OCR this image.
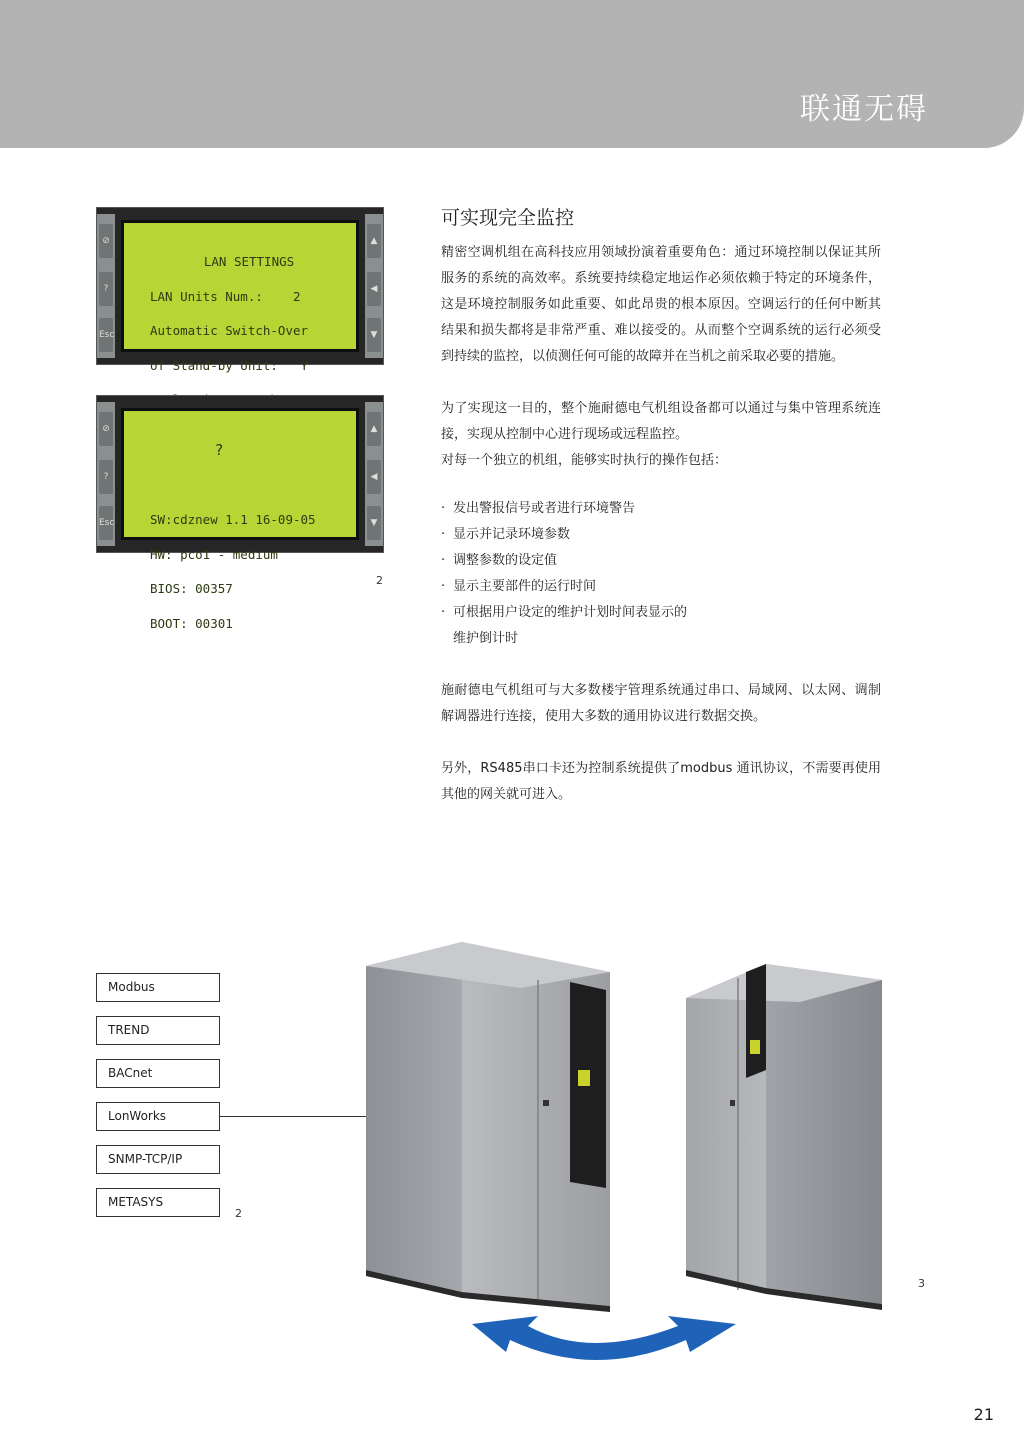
联通无碍
⊘
?
Esc
▲
◀
▼

LAN SETTINGS

LAN Units Num.:    2

Automatic Switch-Over

of Stand-by Unit:   Y

⊘
?
Esc
▲
◀
▼

?

SW:cdznew 1.1 16-09-05

HW: pco1 - medium

BIOS: 00357

BOOT: 00301

2
可实现完全监控

精密空调机组在高科技应用领域扮演着重要角色：通过环境控制以保证其所服务的系统的高效率。系统要持续稳定地运作必须依赖于特定的环境条件，这是环境控制服务如此重要、如此昂贵的根本原因。空调运行的任何中断其结果和损失都将是非常严重、难以接受的。从而整个空调系统的运行必须受到持续的监控，以侦测任何可能的故障并在当机之前采取必要的措施。

为了实现这一目的，整个施耐德电气机组设备都可以通过与集中管理系统连接，实现从控制中心进行现场或远程监控。

对每一个独立的机组，能够实时执行的操作包括：

· 发出警报信号或者进行环境警告
· 显示并记录环境参数
· 调整参数的设定值
· 显示主要部件的运行时间
· 可根据用户设定的维护计划时间表显示的
维护倒计时

施耐德电气机组可与大多数楼宇管理系统通过串口、局域网、以太网、调制解调器进行连接，使用大多数的通用协议进行数据交换。

另外，RS485串口卡还为控制系统提供了modbus 通讯协议，不需要再使用其他的网关就可进入。

Modbus
TREND
BACnet
LonWorks
SNMP-TCP/IP
METASYS
2
3
21
